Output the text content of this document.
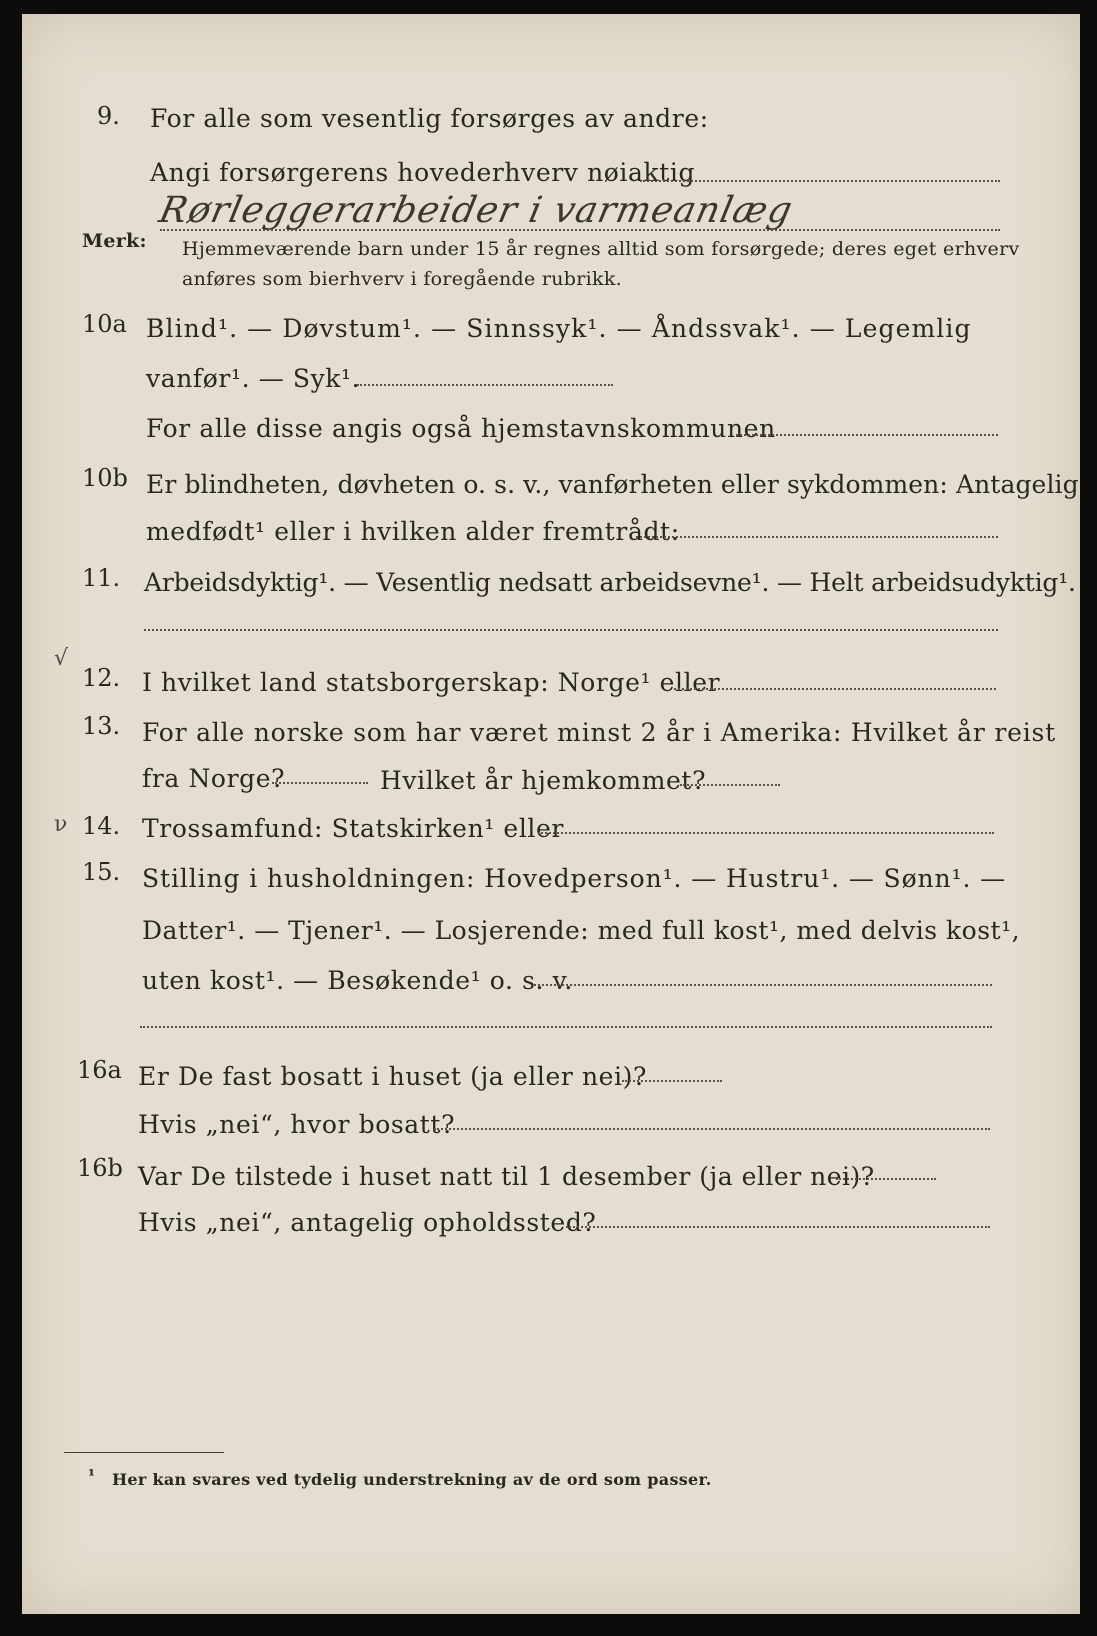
9. For alle som vesentlig forsørges av andre:
Angi forsørgerens hovederhverv nøiaktig
Rørleggerarbeider i varmeanlæg
Merk: Hjemmeværende barn under 15 år regnes alltid som forsørgede; deres eget erhverv
anføres som bierhverv i foregående rubrikk.
10a Blind¹. — Døvstum¹. — Sinnssyk¹. — Åndssvak¹. — Legemlig
vanfør¹. — Syk¹.
For alle disse angis også hjemstavnskommunen
10b Er blindheten, døvheten o. s. v., vanførheten eller sykdommen: Antagelig
medfødt¹ eller i hvilken alder fremtrådt:
11. Arbeidsdyktig¹. — Vesentlig nedsatt arbeidsevne¹. — Helt arbeidsudyktig¹.
√
12. I hvilket land statsborgerskap: Norge¹ eller
13. For alle norske som har været minst 2 år i Amerika: Hvilket år reist
fra Norge?	Hvilket år hjemkommet?
ν 14. Trossamfund: Statskirken¹ eller
15. Stilling i husholdningen: Hovedperson¹. — Hustru¹. — Sønn¹. —
Datter¹. — Tjener¹. — Losjerende: med full kost¹, med delvis kost¹,
uten kost¹. — Besøkende¹ o. s. v.
16a Er De fast bosatt i huset (ja eller nei)?
Hvis „nei“, hvor bosatt?
16b Var De tilstede i huset natt til 1 desember (ja eller nei)?
Hvis „nei“, antagelig opholdssted?
¹ Her kan svares ved tydelig understrekning av de ord som passer.
